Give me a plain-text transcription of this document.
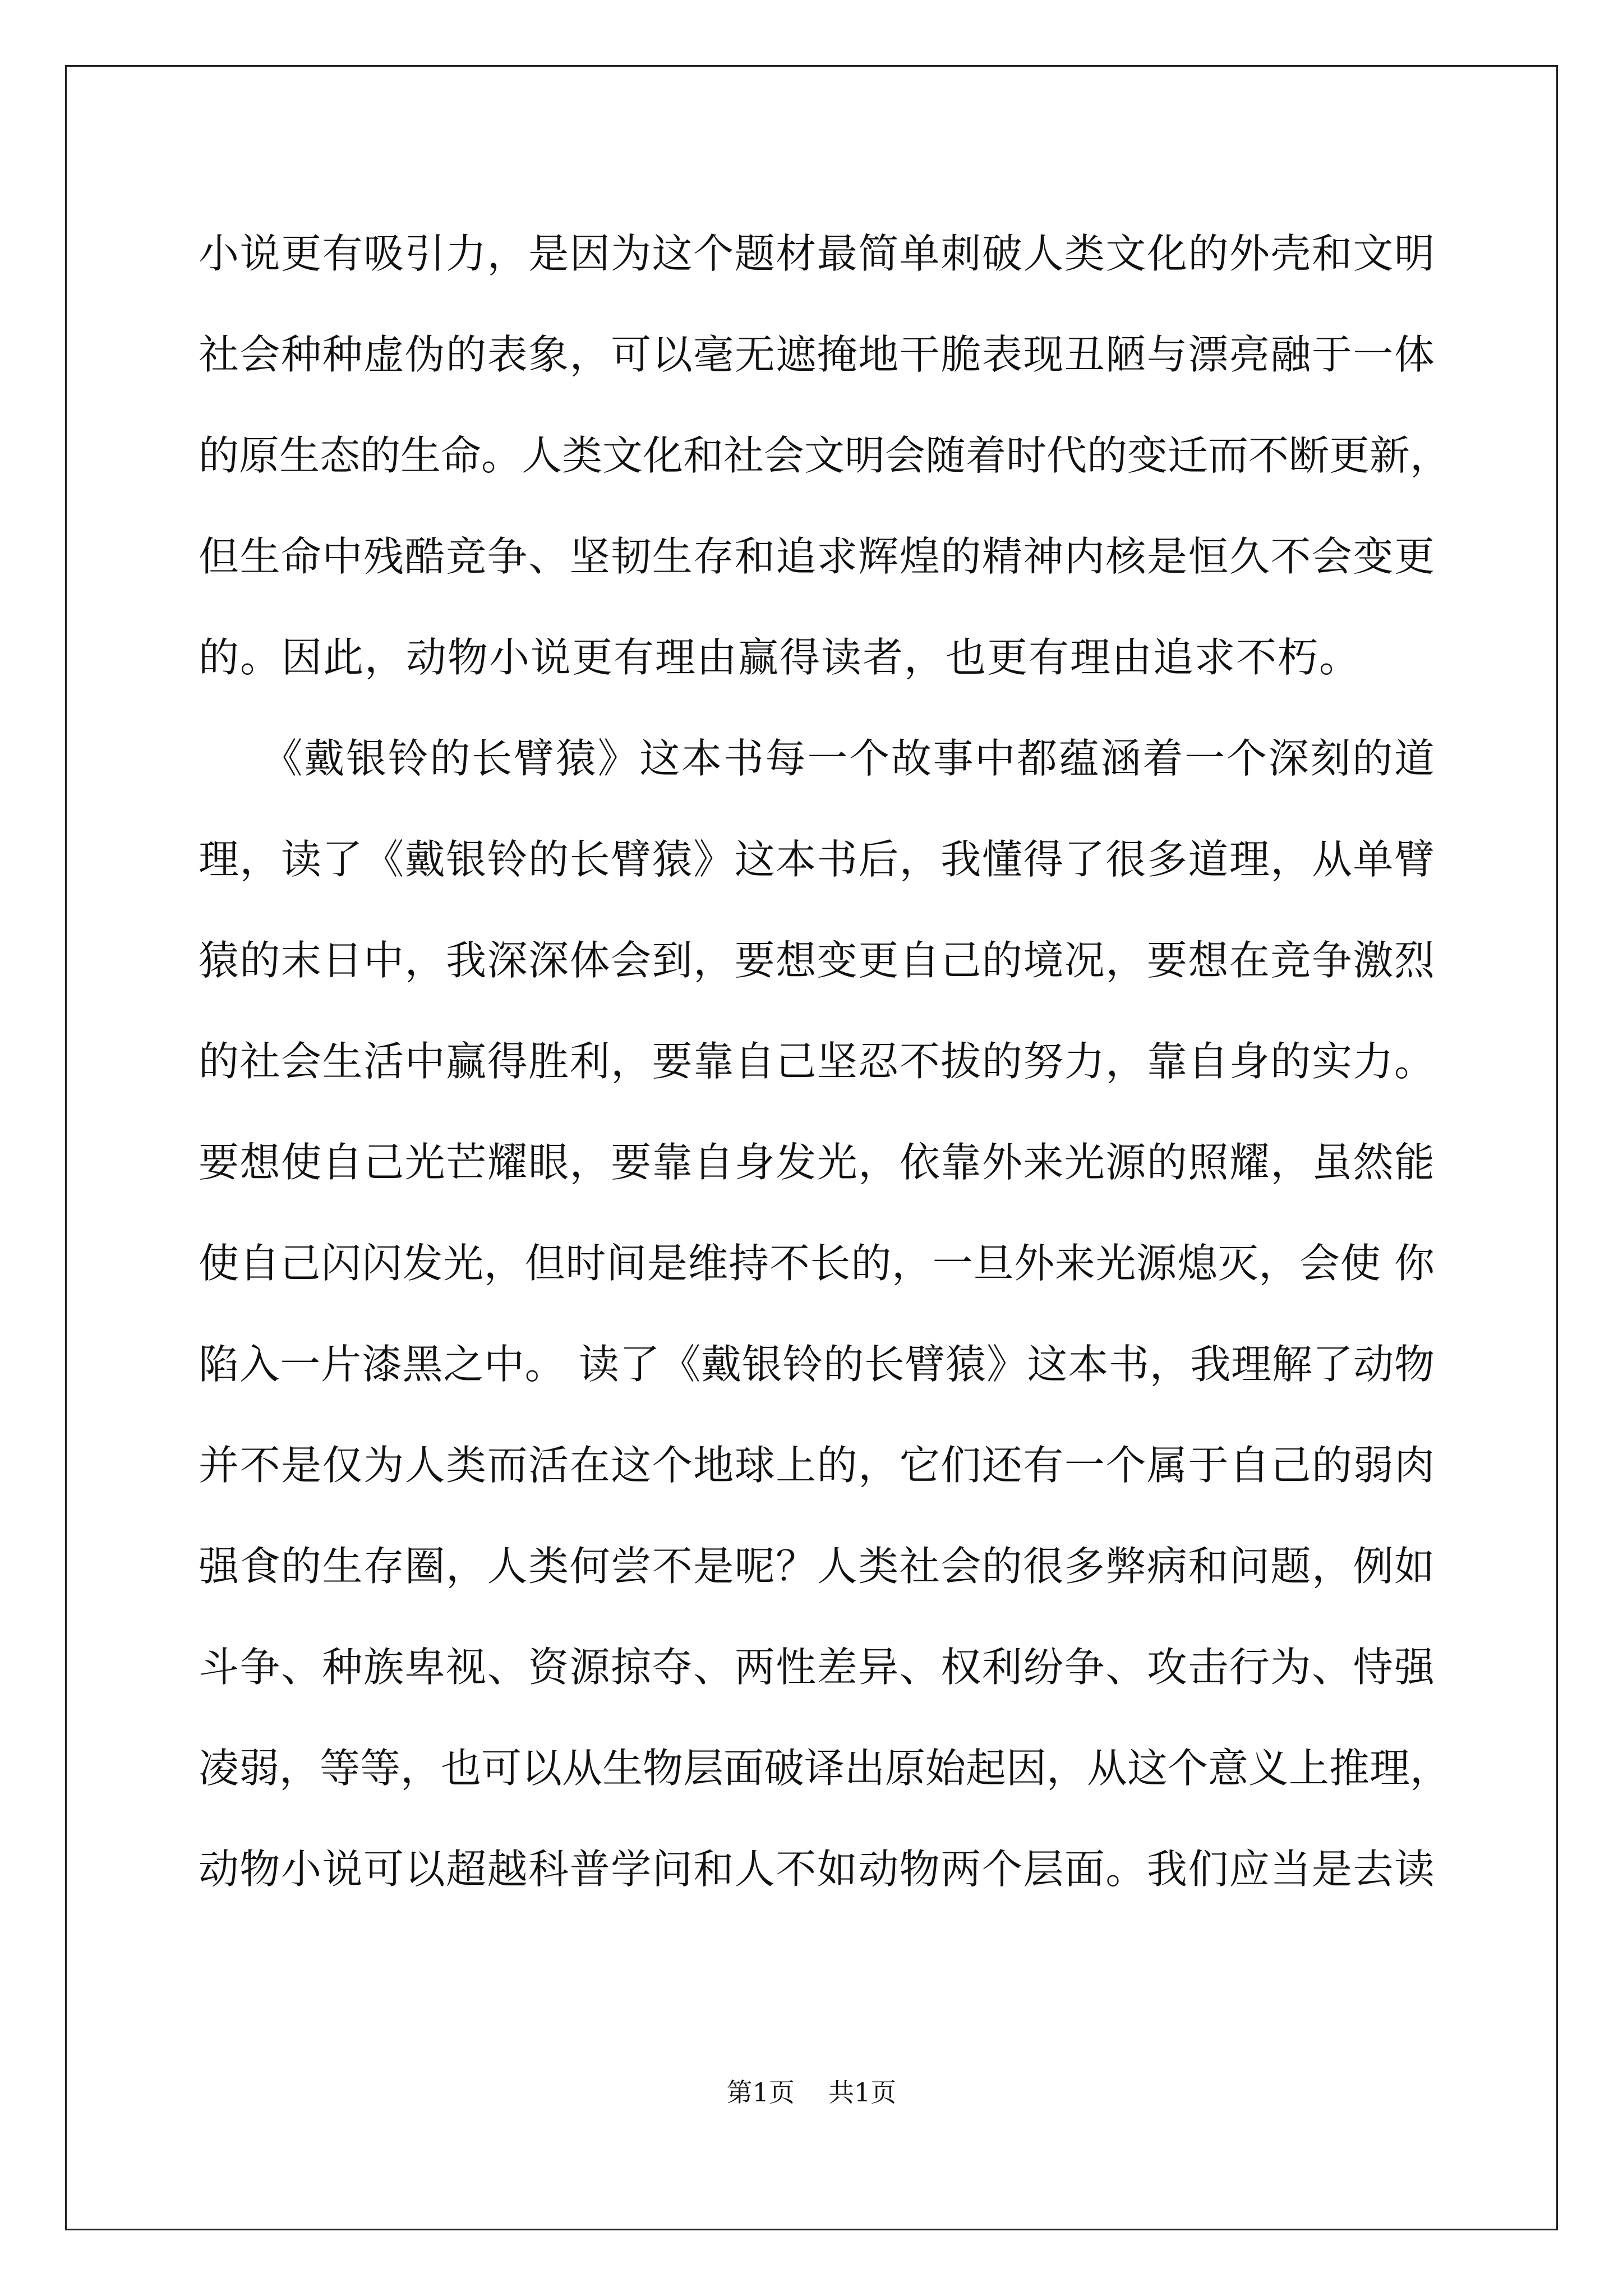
小说更有吸引力，是因为这个题材最简单刺破人类文化的外壳和文明
社会种种虚伪的表象，可以毫无遮掩地干脆表现丑陋与漂亮融于一体
的原生态的生命。人类文化和社会文明会随着时代的变迁而不断更新，
但生命中残酷竞争、坚韧生存和追求辉煌的精神内核是恒久不会变更
的。因此，动物小说更有理由赢得读者，也更有理由追求不朽。
　　《戴银铃的长臂猿》这本书每一个故事中都蕴涵着一个深刻的道
理，读了《戴银铃的长臂猿》这本书后，我懂得了很多道理，从单臂
猿的末日中，我深深体会到，要想变更自己的境况，要想在竞争激烈
的社会生活中赢得胜利，要靠自己坚忍不拔的努力，靠自身的实力。
要想使自己光芒耀眼，要靠自身发光，依靠外来光源的照耀，虽然能
使自己闪闪发光，但时间是维持不长的，一旦外来光源熄灭，会使 你
陷入一片漆黑之中。 读了《戴银铃的长臂猿》这本书，我理解了动物
并不是仅为人类而活在这个地球上的，它们还有一个属于自己的弱肉
强食的生存圈，人类何尝不是呢？人类社会的很多弊病和问题，例如
斗争、种族卑视、资源掠夺、两性差异、权利纷争、攻击行为、恃强
凌弱，等等，也可以从生物层面破译出原始起因，从这个意义上推理，
动物小说可以超越科普学问和人不如动物两个层面。我们应当是去读
第1页 共1页
